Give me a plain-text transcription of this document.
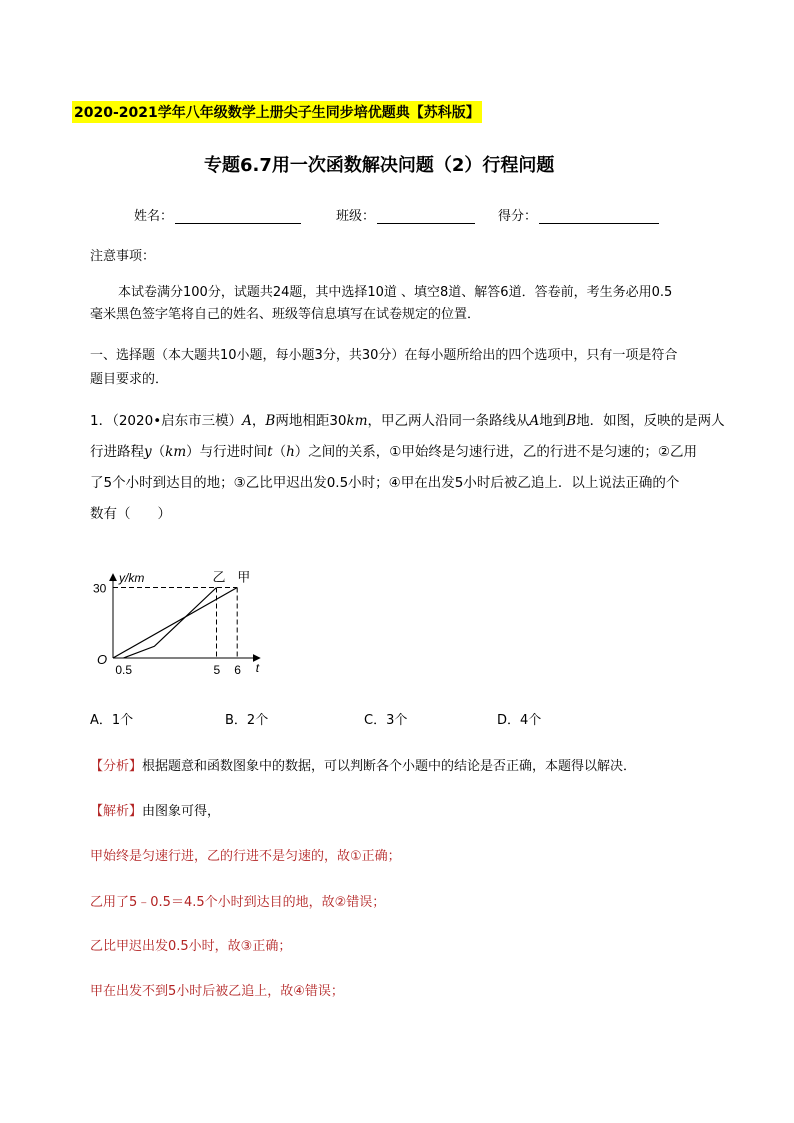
2020-2021学年八年级数学上册尖子生同步培优题典【苏科版】
专题6.7用一次函数解决问题（2）行程问题
姓名：	班级：	得分：
注意事项：
本试卷满分100分，试题共24题，其中选择10道 、填空8道、解答6道．答卷前，考生务必用0.5
毫米黑色签字笔将自己的姓名、班级等信息填写在试卷规定的位置．
一、选择题（本大题共10小题，每小题3分，共30分）在每小题所给出的四个选项中，只有一项是符合
题目要求的．
1．（2020•启东市三模）A，B两地相距30km，甲乙两人沿同一条路线从A地到B地．如图，反映的是两人
行进路程y（km）与行进时间t（h）之间的关系，①甲始终是匀速行进，乙的行进不是匀速的；②乙用
了5个小时到达目的地；③乙比甲迟出发0.5小时；④甲在出发5小时后被乙追上．以上说法正确的个
数有（　　）
y/km
t
O
30
0.5	5 6
甲
乙
A．1个	B．2个	C．3个	D．4个
【分析】根据题意和函数图象中的数据，可以判断各个小题中的结论是否正确，本题得以解决．
【解析】由图象可得，
甲始终是匀速行进，乙的行进不是匀速的，故①正确；
乙用了5﹣0.5＝4.5个小时到达目的地，故②错误；
乙比甲迟出发0.5小时，故③正确；
甲在出发不到5小时后被乙追上，故④错误；
